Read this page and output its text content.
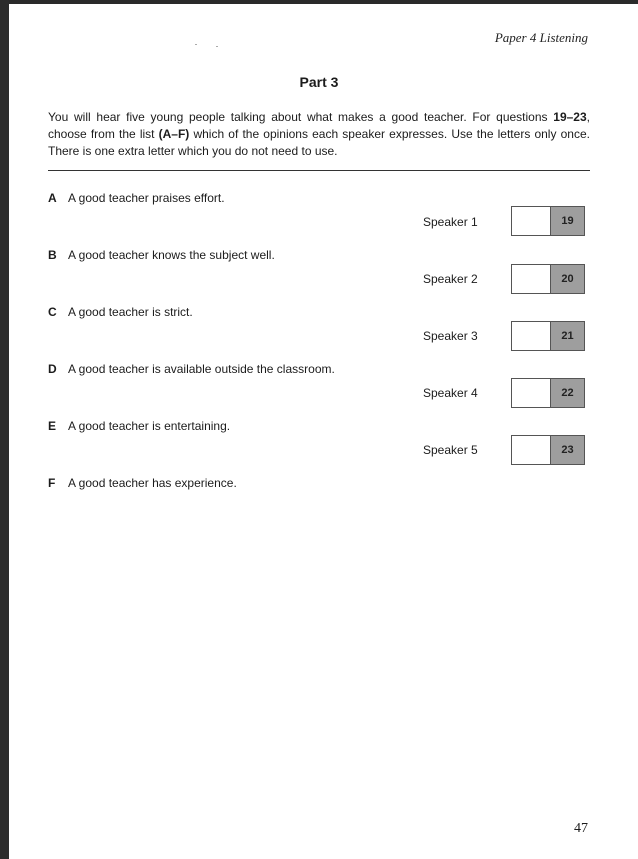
Paper 4 Listening
Part 3
You will hear five young people talking about what makes a good teacher. For questions 19–23, choose from the list (A–F) which of the opinions each speaker expresses. Use the letters only once. There is one extra letter which you do not need to use.
A A good teacher praises effort.
B A good teacher knows the subject well.
C A good teacher is strict.
D A good teacher is available outside the classroom.
E A good teacher is entertaining.
F A good teacher has experience.
Speaker 1	19
Speaker 2	20
Speaker 3	21
Speaker 4	22
Speaker 5	23
47
